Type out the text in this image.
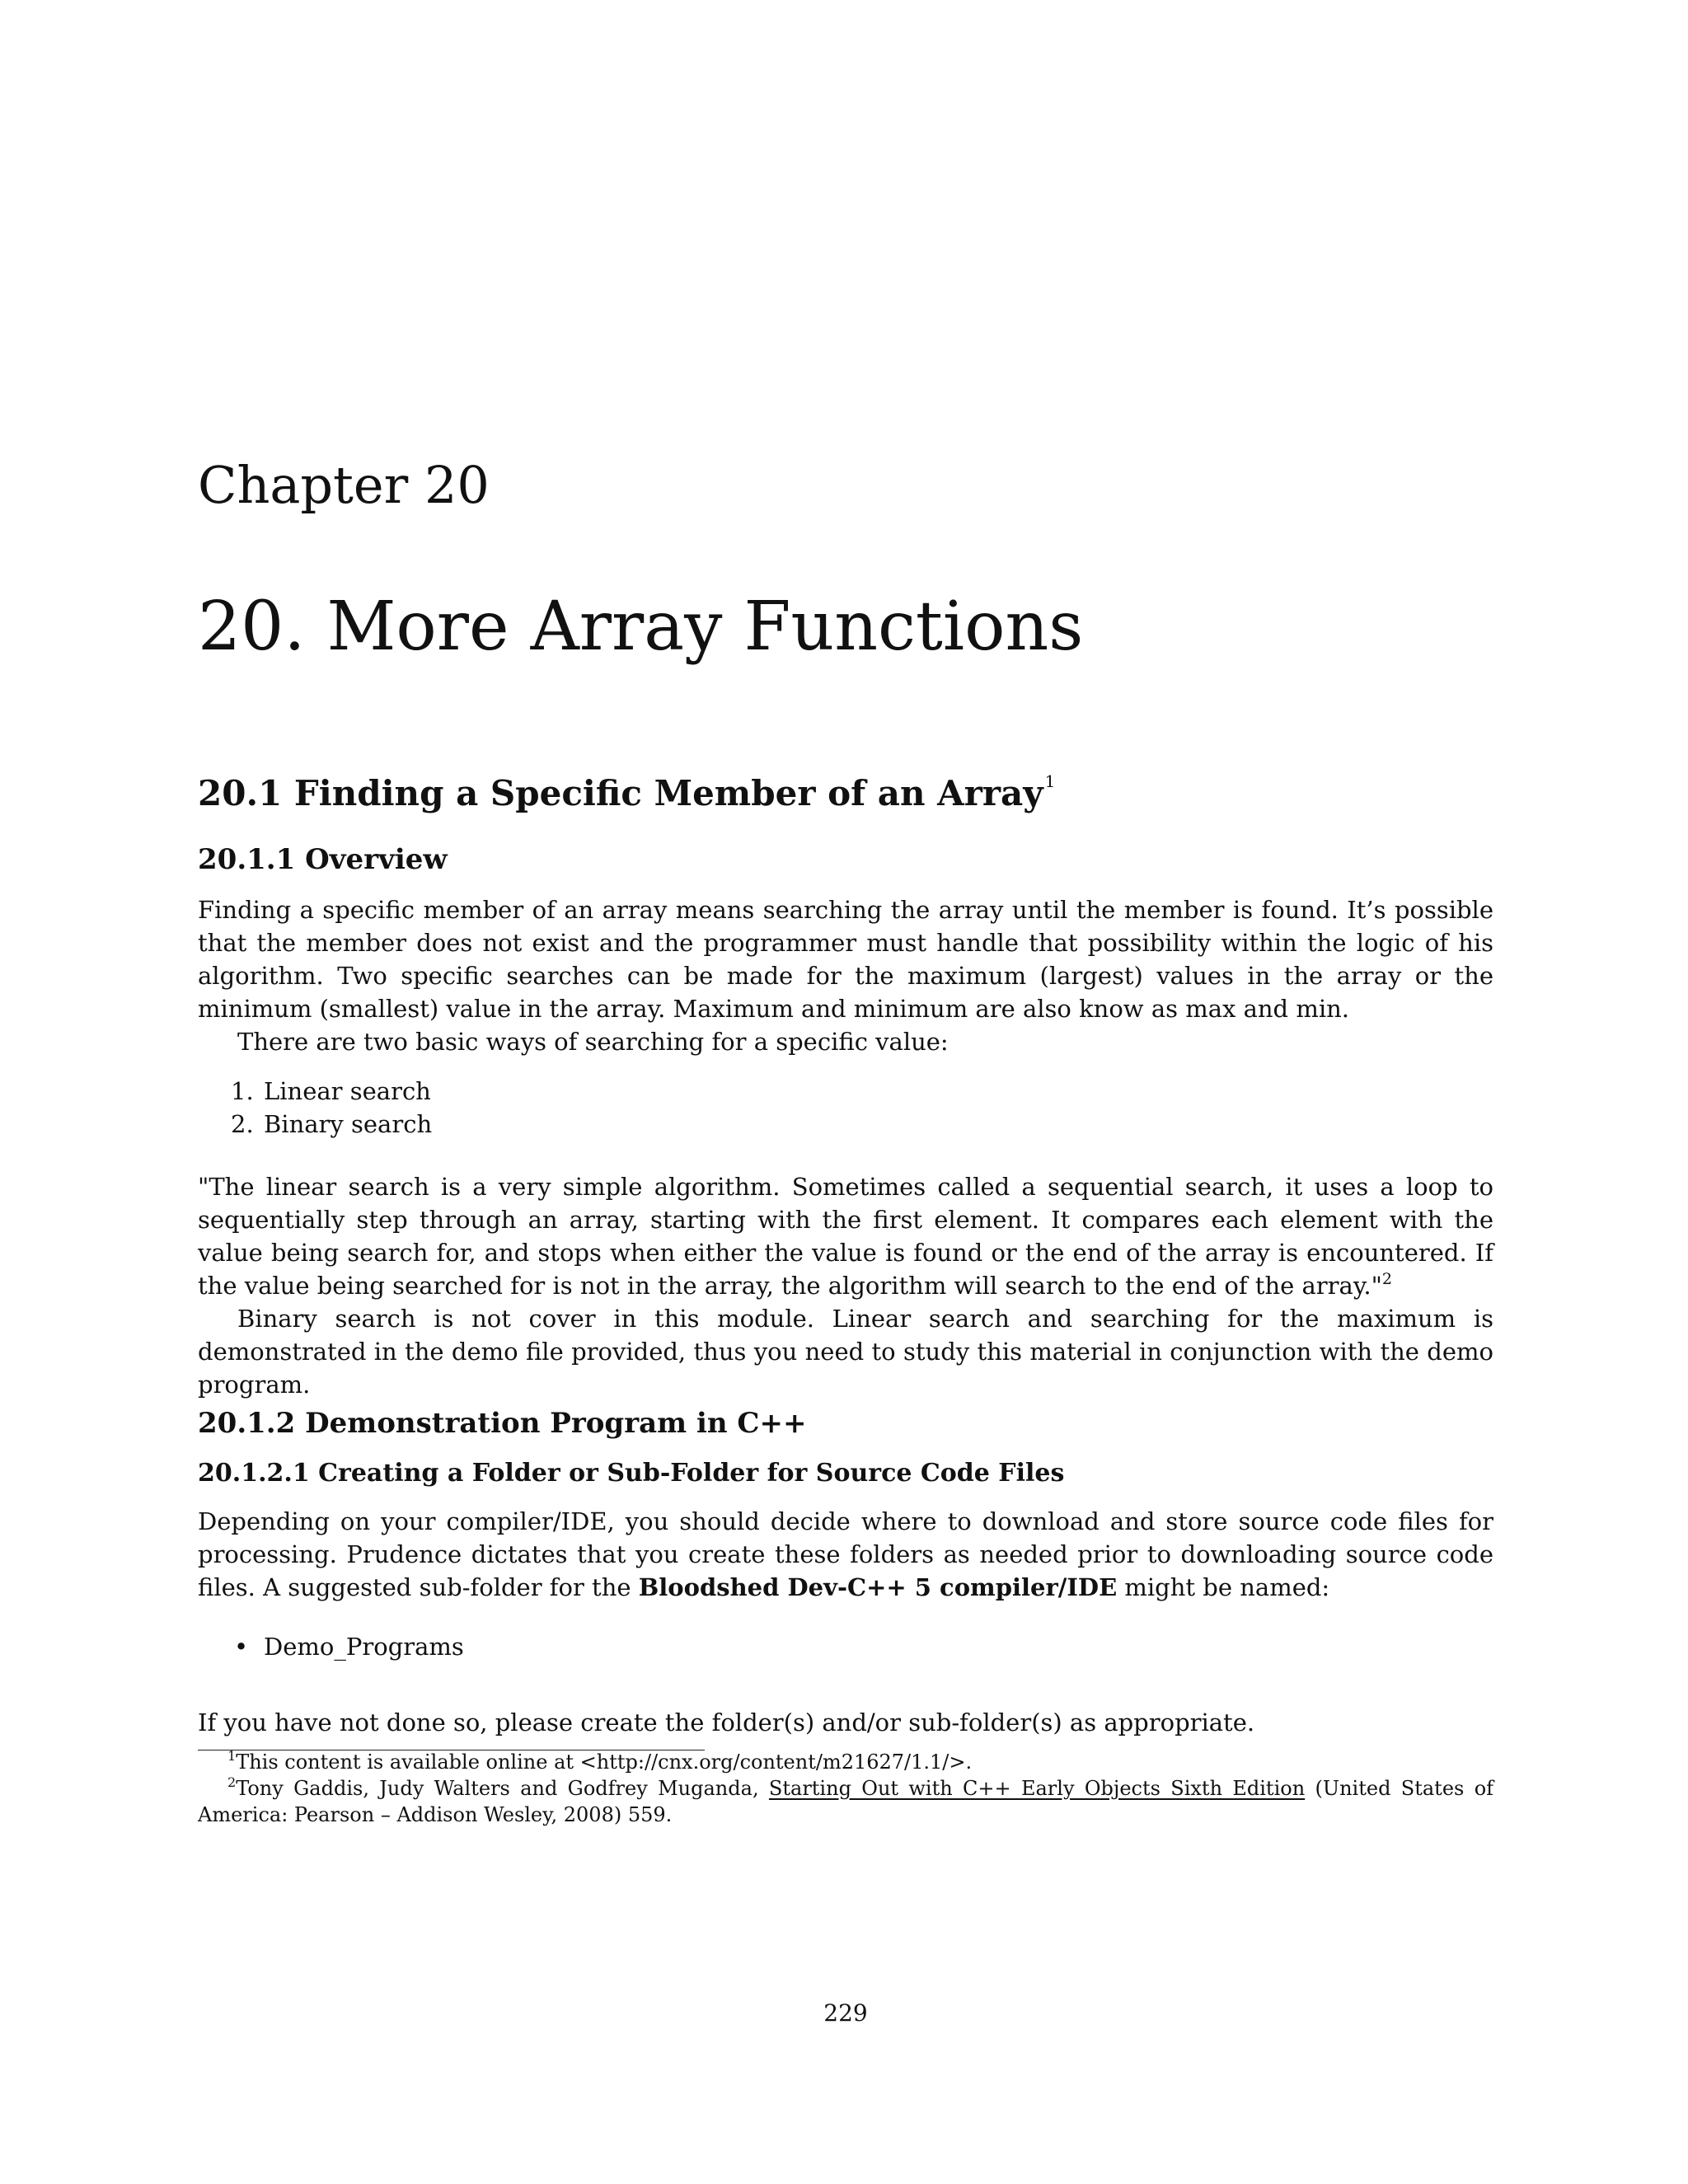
Chapter 20
20. More Array Functions
20.1 Finding a Specific Member of an Array $^1$
20.1.1 Overview

Finding a specific member of an array means searching the array until the member is found. It’s possible that the member does not exist and the programmer must handle that possibility within the logic of his algorithm. Two specific searches can be made for the maximum (largest) values in the array or the minimum (smallest) value in the array. Maximum and minimum are also know as max and min.

There are two basic ways of searching for a specific value:

1. Linear search
2. Binary search

"The linear search is a very simple algorithm. Sometimes called a sequential search, it uses a loop to sequentially step through an array, starting with the first element. It compares each element with the value being search for, and stops when either the value is found or the end of the array is encountered. If the value being searched for is not in the array, the algorithm will search to the end of the array."$^2$

Binary search is not cover in this module. Linear search and searching for the maximum is demonstrated in the demo file provided, thus you need to study this material in conjunction with the demo program.

20.1.2 Demonstration Program in C++
20.1.2.1 Creating a Folder or Sub-Folder for Source Code Files

Depending on your compiler/IDE, you should decide where to download and store source code files for processing. Prudence dictates that you create these folders as needed prior to downloading source code files. A suggested sub-folder for the Bloodshed Dev-C++ 5 compiler/IDE might be named:

• Demo_Programs

If you have not done so, please create the folder(s) and/or sub-folder(s) as appropriate.

$^1$This content is available online at <http://cnx.org/content/m21627/1.1/>.

$^2$Tony Gaddis, Judy Walters and Godfrey Muganda, Starting Out with C++ Early Objects Sixth Edition (United States of America: Pearson – Addison Wesley, 2008) 559.

229
